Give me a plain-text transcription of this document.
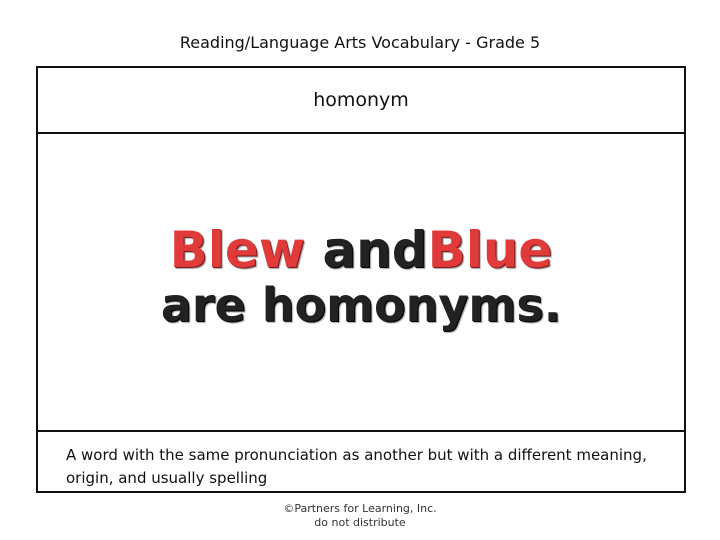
Reading/Language Arts Vocabulary - Grade 5
homonym
Blew andBlue
are homonyms.
A word with the same pronunciation as another but with a different meaning,
origin, and usually spelling
©Partners for Learning, Inc.
do not distribute
